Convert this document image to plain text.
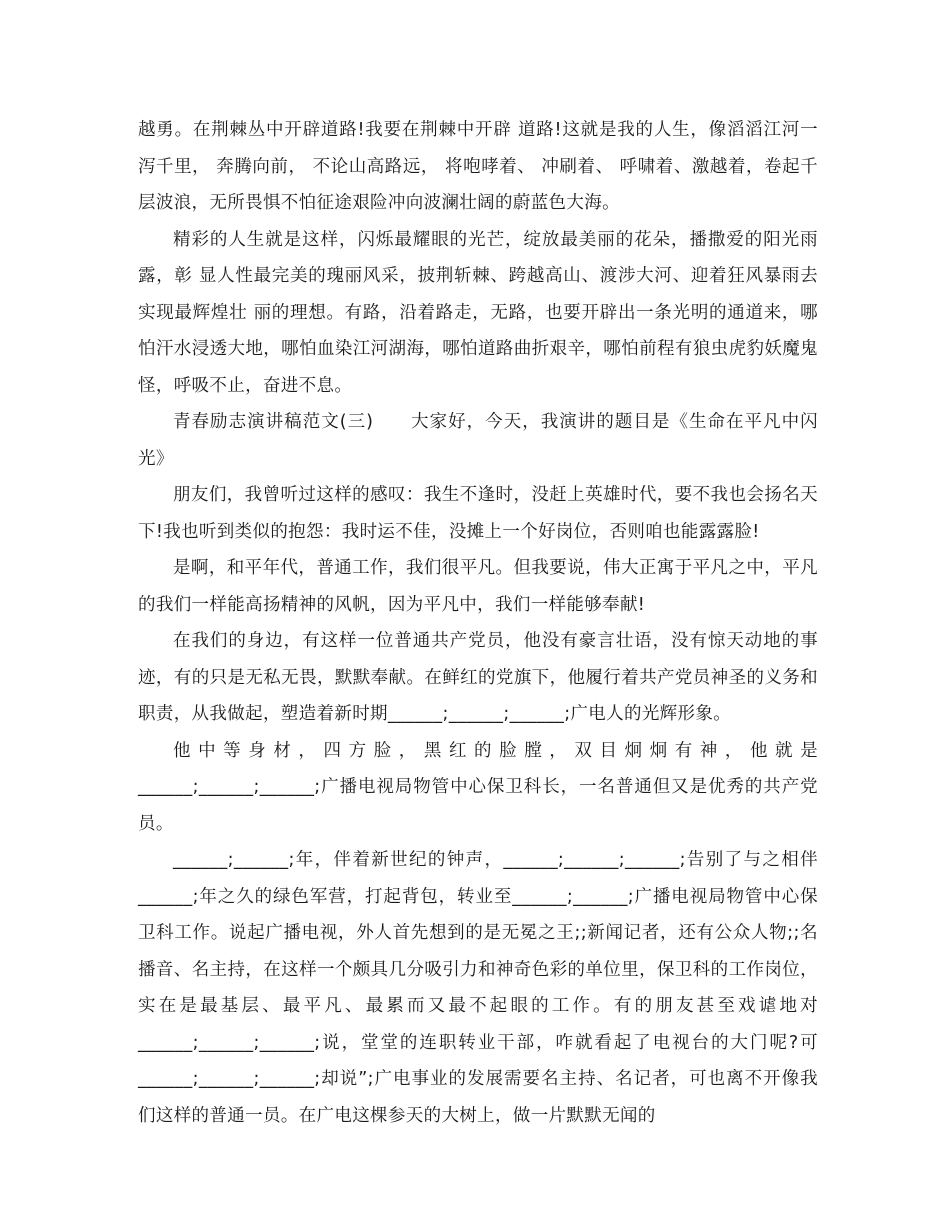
越勇。在荆棘丛中开辟道路!我要在荆棘中开辟 道路!这就是我的人生，像滔滔江河一泻千里， 奔腾向前， 不论山高路远， 将咆哮着、 冲刷着、 呼啸着、激越着，卷起千层波浪，无所畏惧不怕征途艰险冲向波澜壮阔的蔚蓝色大海。

精彩的人生就是这样，闪烁最耀眼的光芒，绽放最美丽的花朵，播撒爱的阳光雨露，彰 显人性最完美的瑰丽风采，披荆斩棘、跨越高山、渡涉大河、迎着狂风暴雨去实现最辉煌壮 丽的理想。有路，沿着路走，无路，也要开辟出一条光明的通道来，哪怕汗水浸透大地，哪怕血染江河湖海，哪怕道路曲折艰辛，哪怕前程有狼虫虎豹妖魔鬼怪，呼吸不止，奋进不息。

青春励志演讲稿范文(三)　　大家好，今天，我演讲的题目是《生命在平凡中闪光》

朋友们，我曾听过这样的感叹：我生不逢时，没赶上英雄时代，要不我也会扬名天下!我也听到类似的抱怨：我时运不佳，没摊上一个好岗位，否则咱也能露露脸!

是啊，和平年代，普通工作，我们很平凡。但我要说，伟大正寓于平凡之中，平凡的我们一样能高扬精神的风帆，因为平凡中，我们一样能够奉献!

在我们的身边，有这样一位普通共产党员，他没有豪言壮语，没有惊天动地的事迹，有的只是无私无畏，默默奉献。在鲜红的党旗下，他履行着共产党员神圣的义务和职责，从我做起，塑造着新时期______;______;______;广电人的光辉形象。

他中等身材，四方脸，黑红的脸膛，双目炯炯有神，他就是______;______;______;广播电视局物管中心保卫科长，一名普通但又是优秀的共产党员。

______;______;年，伴着新世纪的钟声，______;______;______;告别了与之相伴______;年之久的绿色军营，打起背包，转业至______;______;广播电视局物管中心保卫科工作。说起广播电视，外人首先想到的是无冕之王;;新闻记者，还有公众人物;;名播音、名主持，在这样一个颇具几分吸引力和神奇色彩的单位里，保卫科的工作岗位，实在是最基层、最平凡、最累而又最不起眼的工作。有的朋友甚至戏谑地对______;______;______;说，堂堂的连职转业干部，咋就看起了电视台的大门呢?可______;______;______;却说”;广电事业的发展需要名主持、名记者，可也离不开像我们这样的普通一员。在广电这棵参天的大树上，做一片默默无闻的
